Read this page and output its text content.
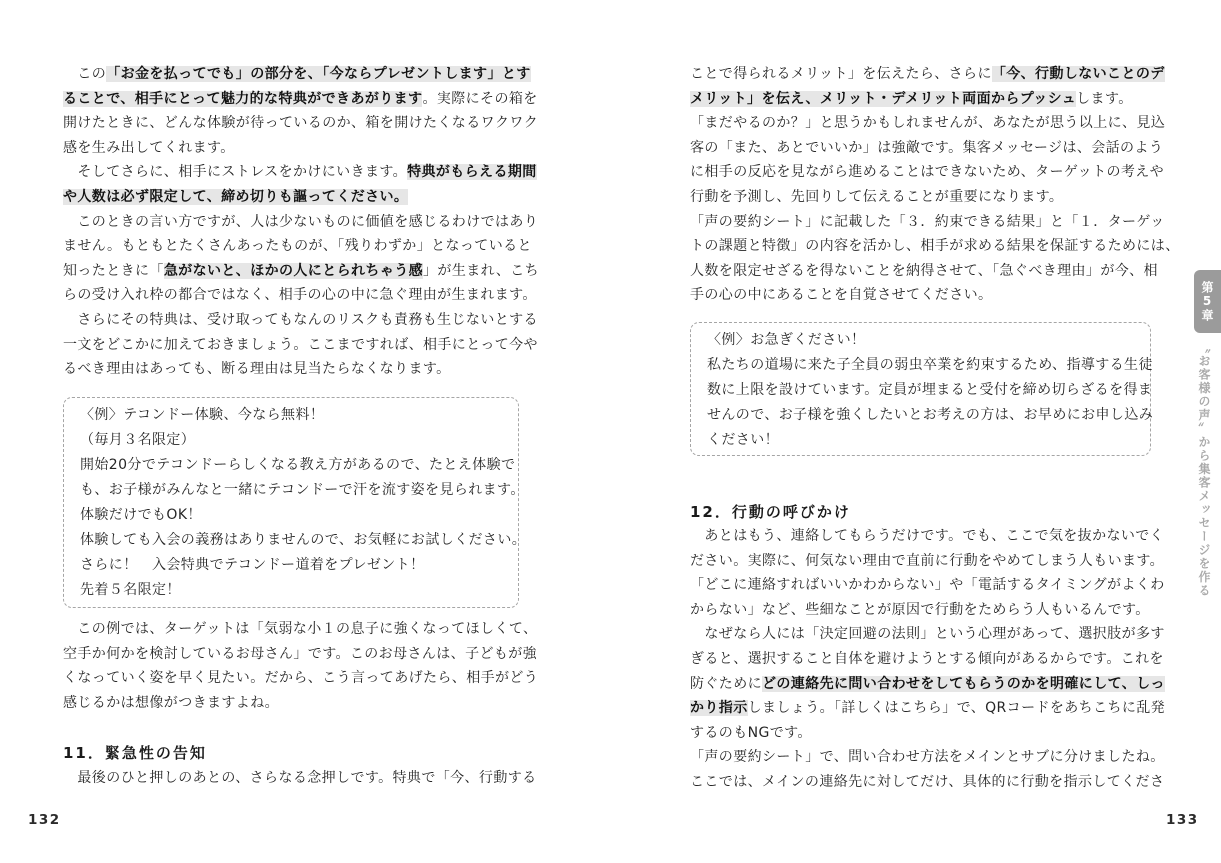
　この「お金を払ってでも」の部分を、「今ならプレゼントします」とす
ることで、相手にとって魅力的な特典ができあがります。実際にその箱を
開けたときに、どんな体験が待っているのか、箱を開けたくなるワクワク
感を生み出してくれます。
　そしてさらに、相手にストレスをかけにいきます。特典がもらえる期間
や人数は必ず限定して、締め切りも謳ってください。
　このときの言い方ですが、人は少ないものに価値を感じるわけではあり
ません。もともとたくさんあったものが、「残りわずか」となっていると
知ったときに「急がないと、ほかの人にとられちゃう感」が生まれ、こち
らの受け入れ枠の都合ではなく、相手の心の中に急ぐ理由が生まれます。
　さらにその特典は、受け取ってもなんのリスクも責務も生じないとする
一文をどこかに加えておきましょう。ここまですれば、相手にとって今や
るべき理由はあっても、断る理由は見当たらなくなります。
〈例〉テコンドー体験、今なら無料！
（毎月３名限定）
開始20分でテコンドーらしくなる教え方があるので、たとえ体験で
も、お子様がみんなと一緒にテコンドーで汗を流す姿を見られます。
体験だけでもOK！
体験しても入会の義務はありませんので、お気軽にお試しください。
さらに！　入会特典でテコンドー道着をプレゼント！
先着５名限定！
　この例では、ターゲットは「気弱な小１の息子に強くなってほしくて、
空手か何かを検討しているお母さん」です。このお母さんは、子どもが強
くなっていく姿を早く見たい。だから、こう言ってあげたら、相手がどう
感じるかは想像がつきますよね。
11．緊急性の告知
　最後のひと押しのあとの、さらなる念押しです。特典で「今、行動する
132
ことで得られるメリット」を伝えたら、さらに「今、行動しないことのデ
メリット」を伝え、メリット・デメリット両面からプッシュします。
「まだやるのか？」と思うかもしれませんが、あなたが思う以上に、見込
客の「また、あとでいいか」は強敵です。集客メッセージは、会話のよう
に相手の反応を見ながら進めることはできないため、ターゲットの考えや
行動を予測し、先回りして伝えることが重要になります。
「声の要約シート」に記載した「３．約束できる結果」と「１．ターゲッ
トの課題と特徴」の内容を活かし、相手が求める結果を保証するためには、
人数を限定せざるを得ないことを納得させて、「急ぐべき理由」が今、相
手の心の中にあることを自覚させてください。
〈例〉お急ぎください！
私たちの道場に来た子全員の弱虫卒業を約束するため、指導する生徒
数に上限を設けています。定員が埋まると受付を締め切らざるを得ま
せんので、お子様を強くしたいとお考えの方は、お早めにお申し込み
ください！
12．行動の呼びかけ
　あとはもう、連絡してもらうだけです。でも、ここで気を抜かないでく
ださい。実際に、何気ない理由で直前に行動をやめてしまう人もいます。
「どこに連絡すればいいかわからない」や「電話するタイミングがよくわ
からない」など、些細なことが原因で行動をためらう人もいるんです。
　なぜなら人には「決定回避の法則」という心理があって、選択肢が多す
ぎると、選択すること自体を避けようとする傾向があるからです。これを
防ぐためにどの連絡先に問い合わせをしてもらうのかを明確にして、しっ
かり指示しましょう。「詳しくはこちら」で、QRコードをあちこちに乱発
するのもNGです。
「声の要約シート」で、問い合わせ方法をメインとサブに分けましたね。
ここでは、メインの連絡先に対してだけ、具体的に行動を指示してくださ
133
第5章
〝お客様の声〟から集客メッセージを作る
